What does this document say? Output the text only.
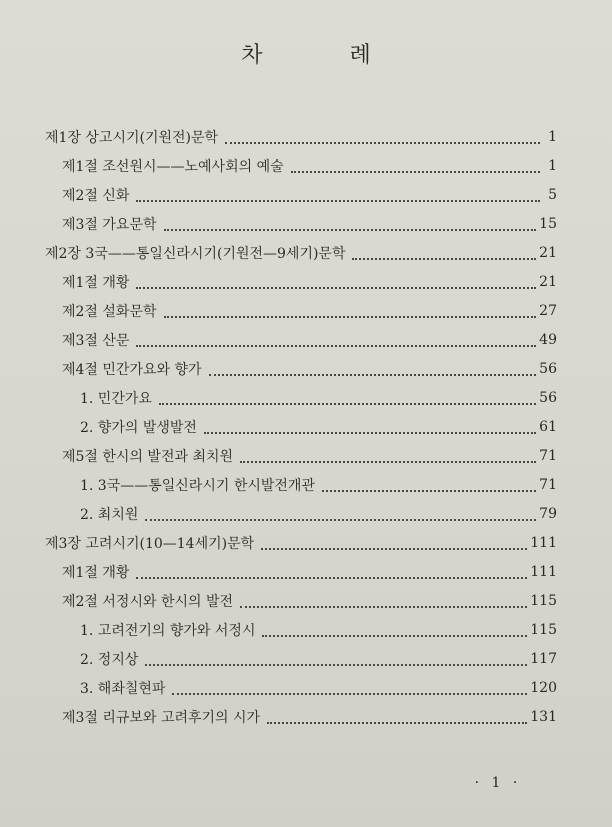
차 례
제1장 상고시기(기원전)문학	1
제1절 조선원시——노예사회의 예술	1
제2절 신화	5
제3절 가요문학	15
제2장 3국——통일신라시기(기원전—9세기)문학	21
제1절 개황	21
제2절 설화문학	27
제3절 산문	49
제4절 민간가요와 향가	56
1. 민간가요	56
2. 향가의 발생발전	61
제5절 한시의 발전과 최치원	71
1. 3국——통일신라시기 한시발전개관	71
2. 최치원	79
제3장 고려시기(10—14세기)문학	111
제1절 개황	111
제2절 서정시와 한시의 발전	115
1. 고려전기의 향가와 서정시	115
2. 정지상	117
3. 해좌칠현파	120
제3절 리규보와 고려후기의 시가	131
· 1 ·
